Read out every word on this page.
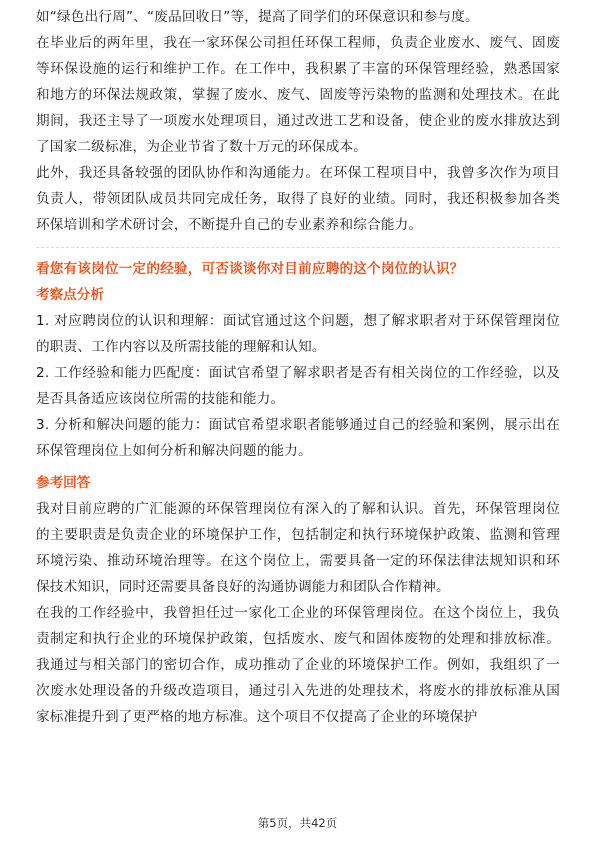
如“绿色出行周”、“废品回收日”等，提高了同学们的环保意识和参与度。

在毕业后的两年里，我在一家环保公司担任环保工程师，负责企业废水、废气、固废等环保设施的运行和维护工作。在工作中，我积累了丰富的环保管理经验，熟悉国家和地方的环保法规政策，掌握了废水、废气、固废等污染物的监测和处理技术。在此期间，我还主导了一项废水处理项目，通过改进工艺和设备，使企业的废水排放达到了国家二级标准，为企业节省了数十万元的环保成本。

此外，我还具备较强的团队协作和沟通能力。在环保工程项目中，我曾多次作为项目负责人，带领团队成员共同完成任务，取得了良好的业绩。同时，我还积极参加各类环保培训和学术研讨会，不断提升自己的专业素养和综合能力。

看您有该岗位一定的经验，可否谈谈你对目前应聘的这个岗位的认识？

考察点分析

1. 对应聘岗位的认识和理解：面试官通过这个问题，想了解求职者对于环保管理岗位的职责、工作内容以及所需技能的理解和认知。

2. 工作经验和能力匹配度：面试官希望了解求职者是否有相关岗位的工作经验，以及是否具备适应该岗位所需的技能和能力。

3. 分析和解决问题的能力：面试官希望求职者能够通过自己的经验和案例，展示出在环保管理岗位上如何分析和解决问题的能力。

参考回答

我对目前应聘的广汇能源的环保管理岗位有深入的了解和认识。首先，环保管理岗位的主要职责是负责企业的环境保护工作，包括制定和执行环境保护政策、监测和管理环境污染、推动环境治理等。在这个岗位上，需要具备一定的环保法律法规知识和环保技术知识，同时还需要具备良好的沟通协调能力和团队合作精神。

在我的工作经验中，我曾担任过一家化工企业的环保管理岗位。在这个岗位上，我负责制定和执行企业的环境保护政策，包括废水、废气和固体废物的处理和排放标准。我通过与相关部门的密切合作，成功推动了企业的环境保护工作。例如，我组织了一次废水处理设备的升级改造项目，通过引入先进的处理技术，将废水的排放标准从国家标准提升到了更严格的地方标准。这个项目不仅提高了企业的环境保护

第5页，共42页
